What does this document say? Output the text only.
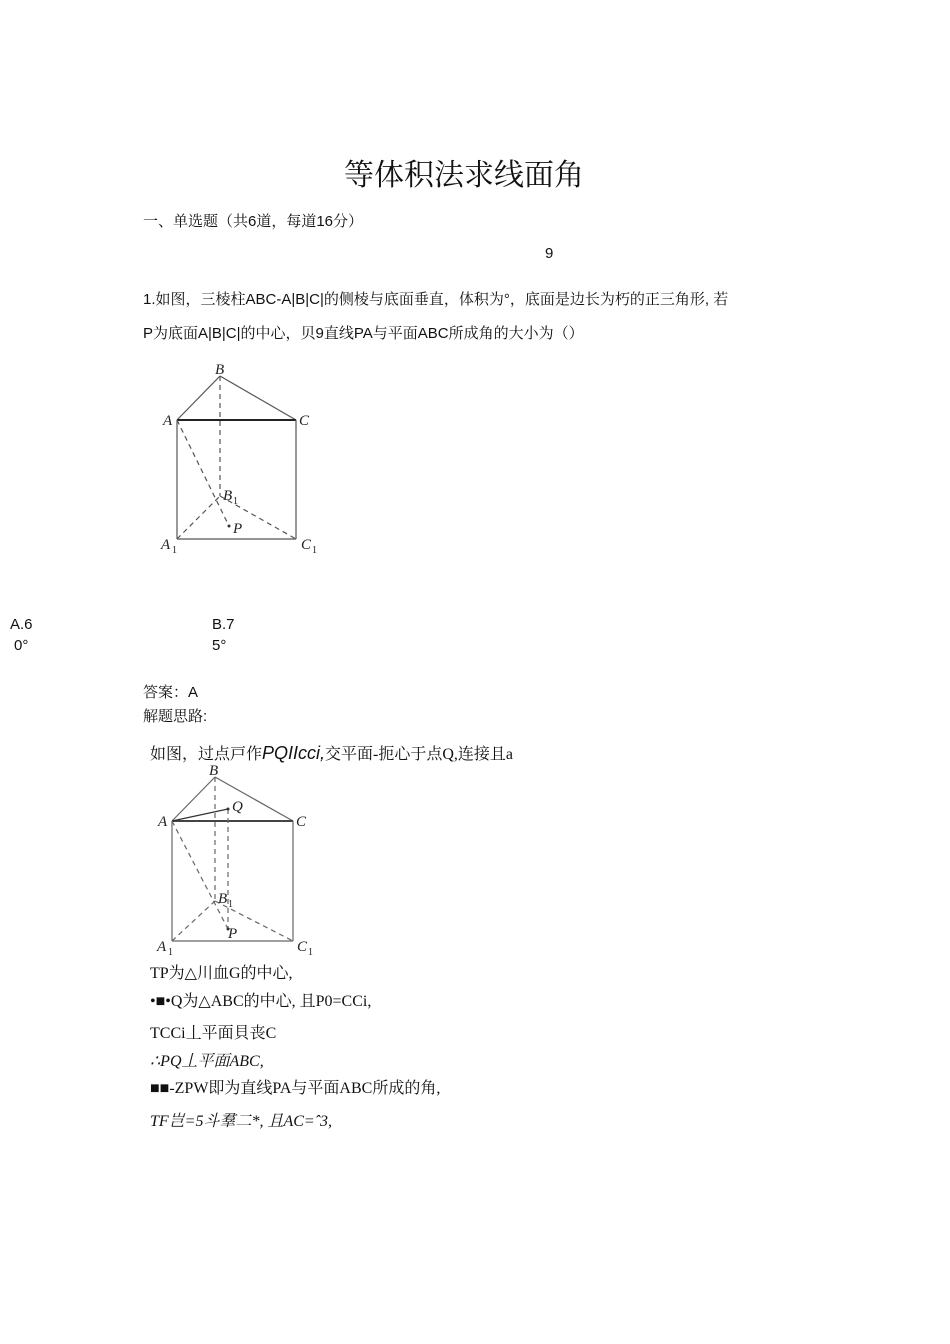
等体积法求线面角
一、单选题（共6道，每道16分）
9
1.如图，三棱柱ABC-A|B|C|的侧棱与底面垂直，体积为°，底面是边长为朽的正三角形, 若
P为底面A|B|C|的中心，贝9直线PA与平面ABC所成角的大小为（）
B
A	C
B 1
P
A 1	C 1
A.6
0°
B.7
5°
答案：A
解题思路:
如图，过点戸作PQIIcci,交平面-扼心于点Q,连接且a
B
Q
A	C
B 1
P
A 1	C 1
TP为△川血G的中心,
•■•Q为△ABC的中心, 且P0=CCi,
TCCi丄平面貝丧C
∴PQ丄平面ABC,
■■-ZPW即为直线PA与平面ABC所成的角,
TF岂=5斗羣二*, 且AC=ˆ3,
